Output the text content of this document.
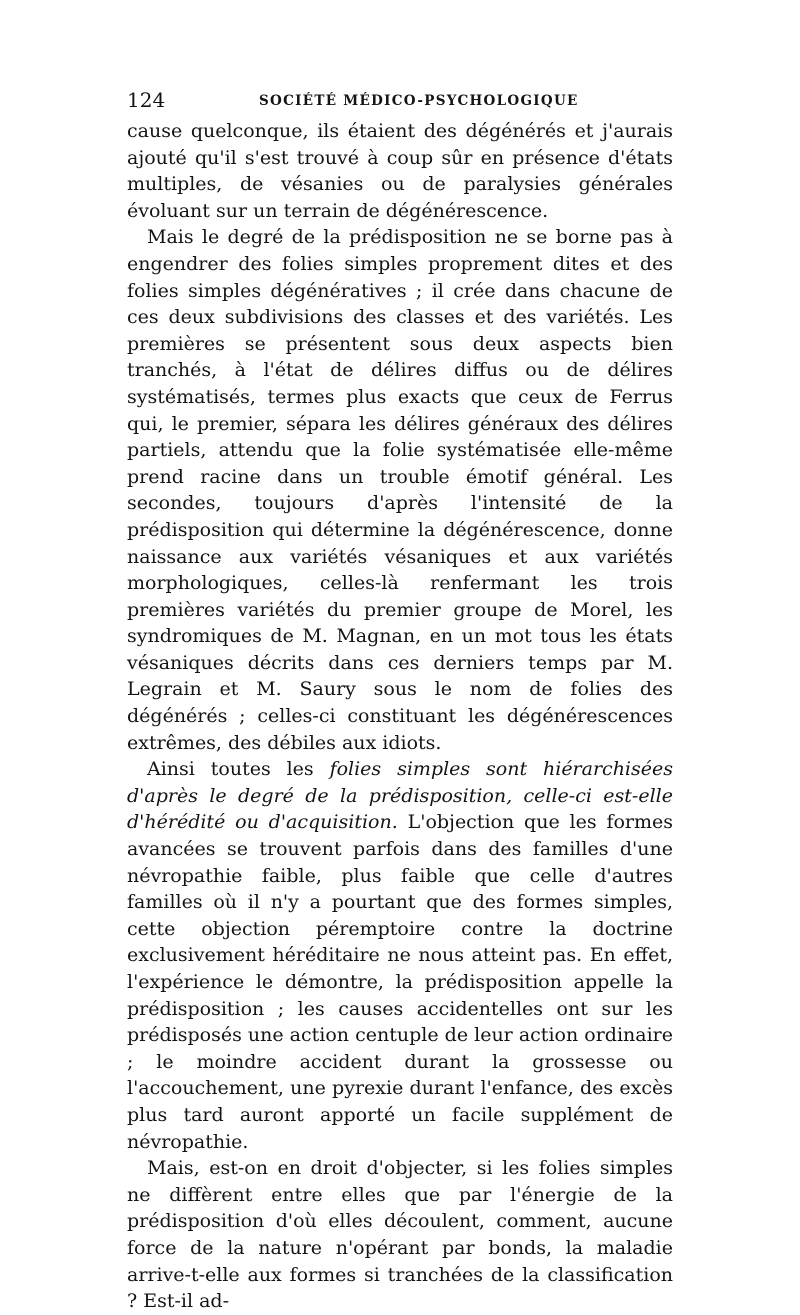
124	SOCIÉTÉ MÉDICO-PSYCHOLOGIQUE

cause quelconque, ils étaient des dégénérés et j'aurais ajouté qu'il s'est trouvé à coup sûr en présence d'états multiples, de vésanies ou de paralysies générales évoluant sur un terrain de dégénérescence.

Mais le degré de la prédisposition ne se borne pas à engendrer des folies simples proprement dites et des folies simples dégénératives ; il crée dans chacune de ces deux subdivisions des classes et des variétés. Les premières se présentent sous deux aspects bien tranchés, à l'état de délires diffus ou de délires systématisés, termes plus exacts que ceux de Ferrus qui, le premier, sépara les délires généraux des délires partiels, attendu que la folie systématisée elle-même prend racine dans un trouble émotif général. Les secondes, toujours d'après l'intensité de la prédisposition qui détermine la dégénérescence, donne naissance aux variétés vésaniques et aux variétés morphologiques, celles-là renfermant les trois premières variétés du premier groupe de Morel, les syndromiques de M. Magnan, en un mot tous les états vésaniques décrits dans ces derniers temps par M. Legrain et M. Saury sous le nom de folies des dégénérés ; celles-ci constituant les dégénérescences extrêmes, des débiles aux idiots.

Ainsi toutes les folies simples sont hiérarchisées d'après le degré de la prédisposition, celle-ci est-elle d'hérédité ou d'acquisition. L'objection que les formes avancées se trouvent parfois dans des familles d'une névropathie faible, plus faible que celle d'autres familles où il n'y a pourtant que des formes simples, cette objection péremptoire contre la doctrine exclusivement héréditaire ne nous atteint pas. En effet, l'expérience le démontre, la prédisposition appelle la prédisposition ; les causes accidentelles ont sur les prédisposés une action centuple de leur action ordinaire ; le moindre accident durant la grossesse ou l'accouchement, une pyrexie durant l'enfance, des excès plus tard auront apporté un facile supplément de névropathie.

Mais, est-on en droit d'objecter, si les folies simples ne diffèrent entre elles que par l'énergie de la prédisposition d'où elles découlent, comment, aucune force de la nature n'opérant par bonds, la maladie arrive-t-elle aux formes si tranchées de la classification ? Est-il ad-
